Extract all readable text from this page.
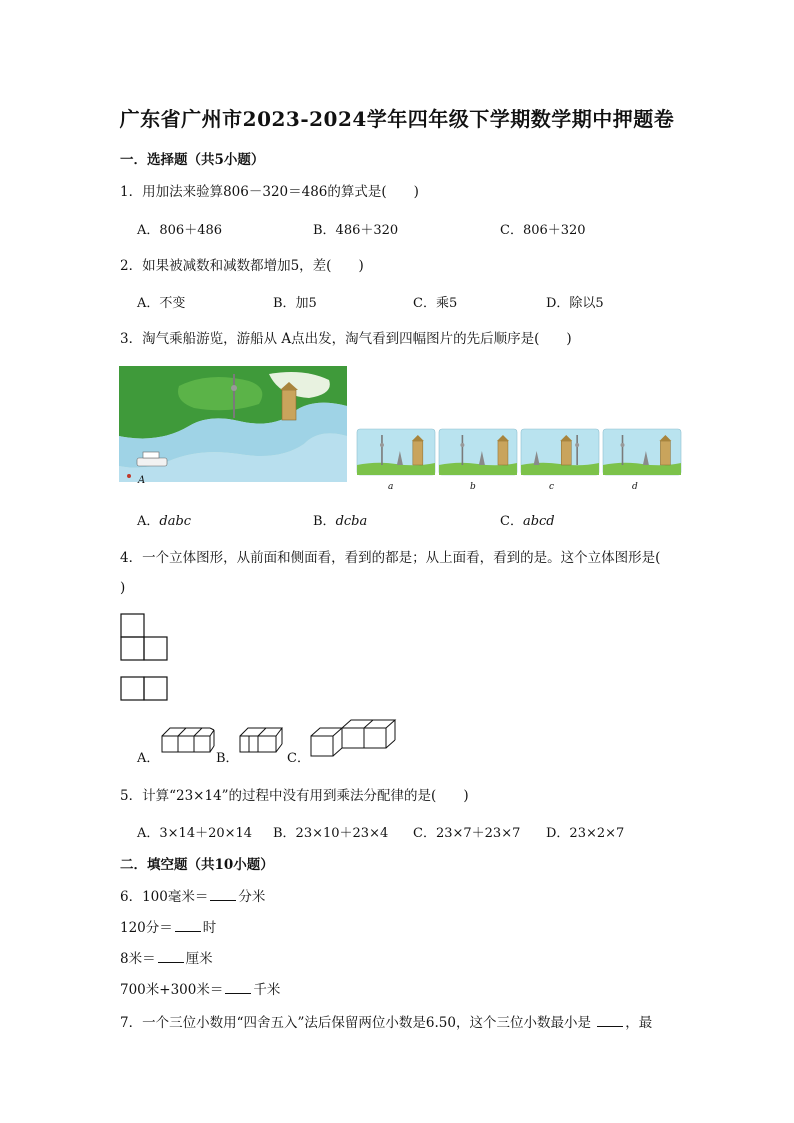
广东省广州市2023-2024学年四年级下学期数学期中押题卷
一．选择题（共5小题）
1．用加法来验算806－320＝486的算式是(　　)
A．806＋486	B．486＋320	C．806＋320
2．如果被减数和减数都增加5，差(　　)
A．不变	B．加5	C．乘5	D．除以5
3．淘气乘船游览，游船从 A点出发，淘气看到四幅图片的先后顺序是(　　)
A
a	b	c	d
A．dabc	B．dcba	C．abcd
4．一个立体图形，从前面和侧面看，看到的都是；从上面看，看到的是。这个立体图形是(
)
A．	B．	C．
5．计算“23×14”的过程中没有用到乘法分配律的是(　　)
A．3×14＋20×14 B．23×10＋23×4 C．23×7＋23×7 D．23×2×7
二．填空题（共10小题）
6．100毫米＝ 分米
120分＝ 时
8米＝ 厘米
700米+300米＝ 千米
7．一个三位小数用“四舍五入”法后保留两位小数是6.50，这个三位小数最小是 ，最
